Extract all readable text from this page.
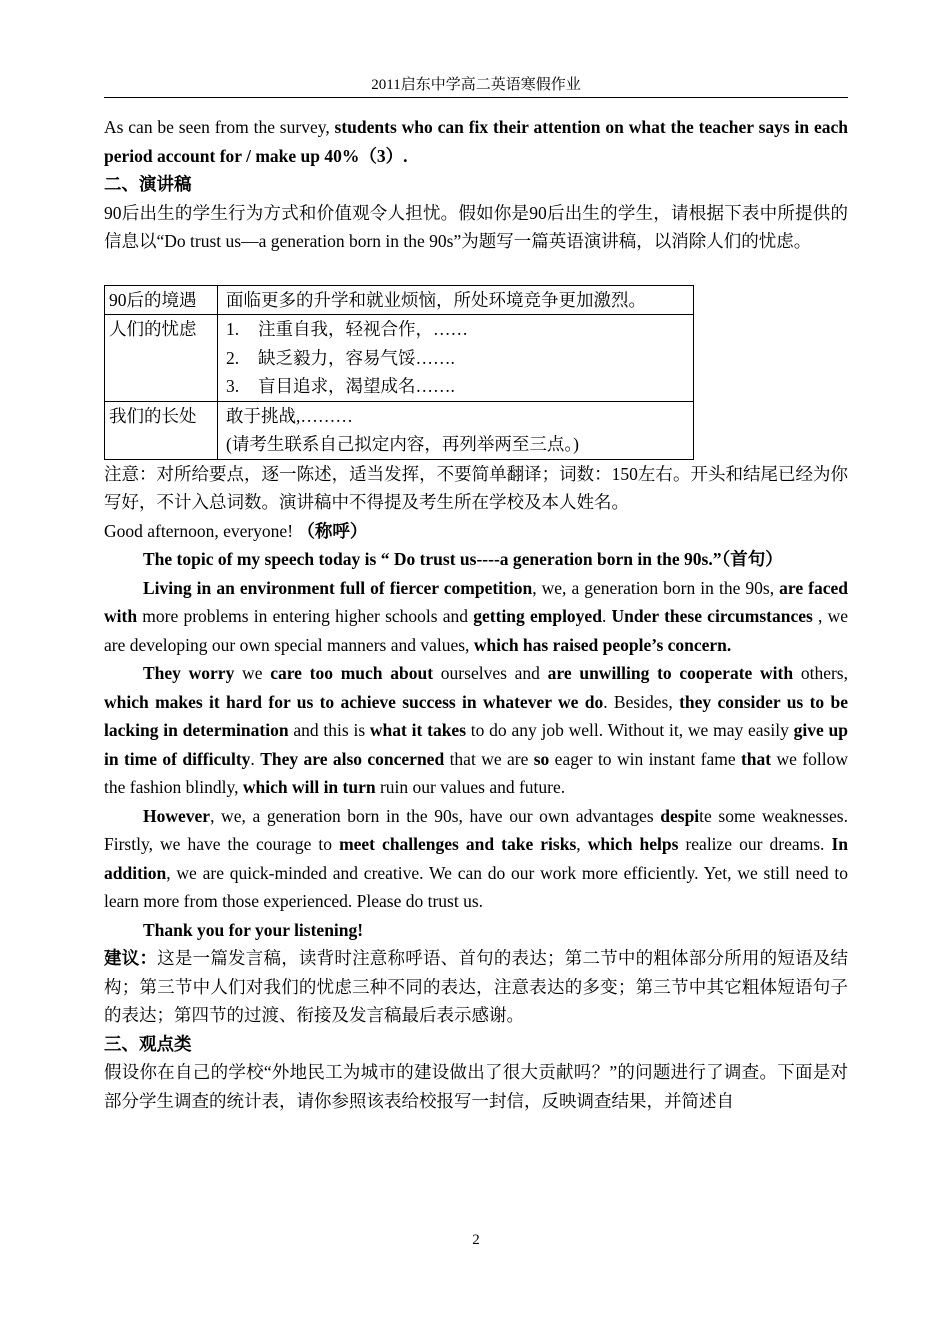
2011启东中学高二英语寒假作业

As can be seen from the survey, students who can fix their attention on what the teacher says in each period account for / make up 40%（3）.

二、演讲稿

90后出生的学生行为方式和价值观令人担忧。假如你是90后出生的学生，请根据下表中所提供的信息以“Do trust us—a generation born in the 90s”为题写一篇英语演讲稿，以消除人们的忧虑。

90后的境遇	面临更多的升学和就业烦恼，所处环境竞争更加激烈。
人们的忧虑	1. 注重自我，轻视合作，……
2. 缺乏毅力，容易气馁…….
3. 盲目追求，渴望成名…….

我们的长处	敢于挑战,………
(请考生联系自己拟定内容，再列举两至三点。)

注意：对所给要点，逐一陈述，适当发挥，不要简单翻译；词数：150左右。开头和结尾已经为你写好，不计入总词数。演讲稿中不得提及考生所在学校及本人姓名。

Good afternoon, everyone! （称呼）

The topic of my speech today is “ Do trust us----a generation born in the 90s.”（首句）

Living in an environment full of fiercer competition, we, a generation born in the 90s, are faced with more problems in entering higher schools and getting employed. Under these circumstances , we are developing our own special manners and values, which has raised people’s concern.

They worry we care too much about ourselves and are unwilling to cooperate with others, which makes it hard for us to achieve success in whatever we do. Besides, they consider us to be lacking in determination and this is what it takes to do any job well. Without it, we may easily give up in time of difficulty. They are also concerned that we are so eager to win instant fame that we follow the fashion blindly, which will in turn ruin our values and future.

However, we, a generation born in the 90s, have our own advantages despite some weaknesses. Firstly, we have the courage to meet challenges and take risks, which helps realize our dreams. In addition, we are quick-minded and creative. We can do our work more efficiently. Yet, we still need to learn more from those experienced. Please do trust us.

Thank you for your listening!

建议：这是一篇发言稿，读背时注意称呼语、首句的表达；第二节中的粗体部分所用的短语及结构；第三节中人们对我们的忧虑三种不同的表达，注意表达的多变；第三节中其它粗体短语句子的表达；第四节的过渡、衔接及发言稿最后表示感谢。

三、观点类

假设你在自己的学校“外地民工为城市的建设做出了很大贡献吗？”的问题进行了调查。下面是对部分学生调查的统计表，请你参照该表给校报写一封信，反映调查结果，并简述自

2
